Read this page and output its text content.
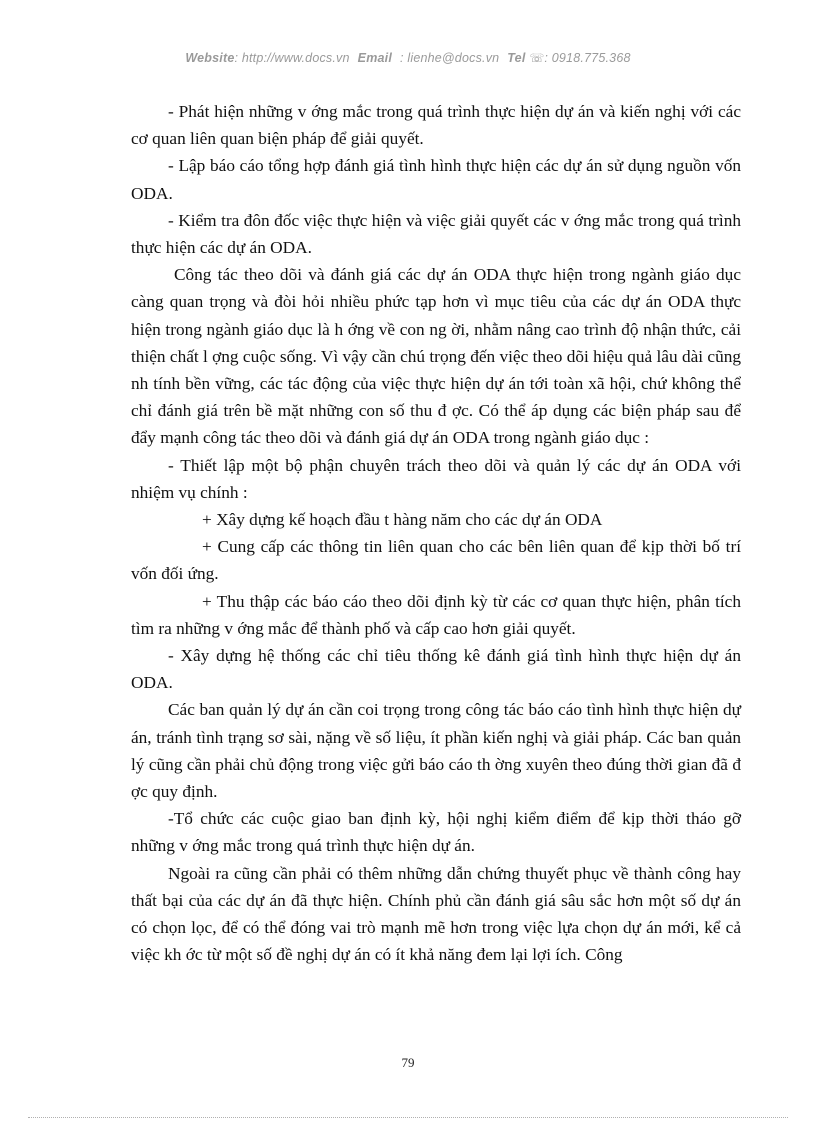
Website: http://www.docs.vn Email : lienhe@docs.vn Tel ☏: 0918.775.368

- Phát hiện những v ớng mắc trong quá trình thực hiện dự án và kiến nghị với các cơ quan liên quan biện pháp để giải quyết.

- Lập báo cáo tổng hợp đánh giá tình hình thực hiện các dự án sử dụng nguồn vốn ODA.

- Kiểm tra đôn đốc việc thực hiện và việc giải quyết các v ớng mắc trong quá trình thực hiện các dự án ODA.

Công tác theo dõi và đánh giá các dự án ODA thực hiện trong ngành giáo dục càng quan trọng và đòi hỏi nhiều phức tạp hơn vì mục tiêu của các dự án ODA thực hiện trong ngành giáo dục là h ớng về con ng ời, nhằm nâng cao trình độ nhận thức, cải thiện chất l ợng cuộc sống. Vì vậy cần chú trọng đến việc theo dõi hiệu quả lâu dài cũng nh tính bền vững, các tác động của việc thực hiện dự án tới toàn xã hội, chứ không thể chỉ đánh giá trên bề mặt những con số thu đ ợc. Có thể áp dụng các biện pháp sau để đẩy mạnh công tác theo dõi và đánh giá dự án ODA trong ngành giáo dục :

- Thiết lập một bộ phận chuyên trách theo dõi và quản lý các dự án ODA với nhiệm vụ chính :

+ Xây dựng kế hoạch đầu t hàng năm cho các dự án ODA

+ Cung cấp các thông tin liên quan cho các bên liên quan để kịp thời bố trí vốn đối ứng.

+ Thu thập các báo cáo theo dõi định kỳ từ các cơ quan thực hiện, phân tích tìm ra những v ớng mắc để thành phố và cấp cao hơn giải quyết.

- Xây dựng hệ thống các chỉ tiêu thống kê đánh giá tình hình thực hiện dự án ODA.

Các ban quản lý dự án cần coi trọng trong công tác báo cáo tình hình thực hiện dự án, tránh tình trạng sơ sài, nặng về số liệu, ít phần kiến nghị và giải pháp. Các ban quản lý cũng cần phải chủ động trong việc gửi báo cáo th ờng xuyên theo đúng thời gian đã đ ợc quy định.

-Tổ chức các cuộc giao ban định kỳ, hội nghị kiểm điểm để kịp thời tháo gỡ những v ớng mắc trong quá trình thực hiện dự án.

Ngoài ra cũng cần phải có thêm những dẫn chứng thuyết phục về thành công hay thất bại của các dự án đã thực hiện. Chính phủ cần đánh giá sâu sắc hơn một số dự án có chọn lọc, để có thể đóng vai trò mạnh mẽ hơn trong việc lựa chọn dự án mới, kể cả việc kh ớc từ một số đề nghị dự án có ít khả năng đem lại lợi ích. Công

79
